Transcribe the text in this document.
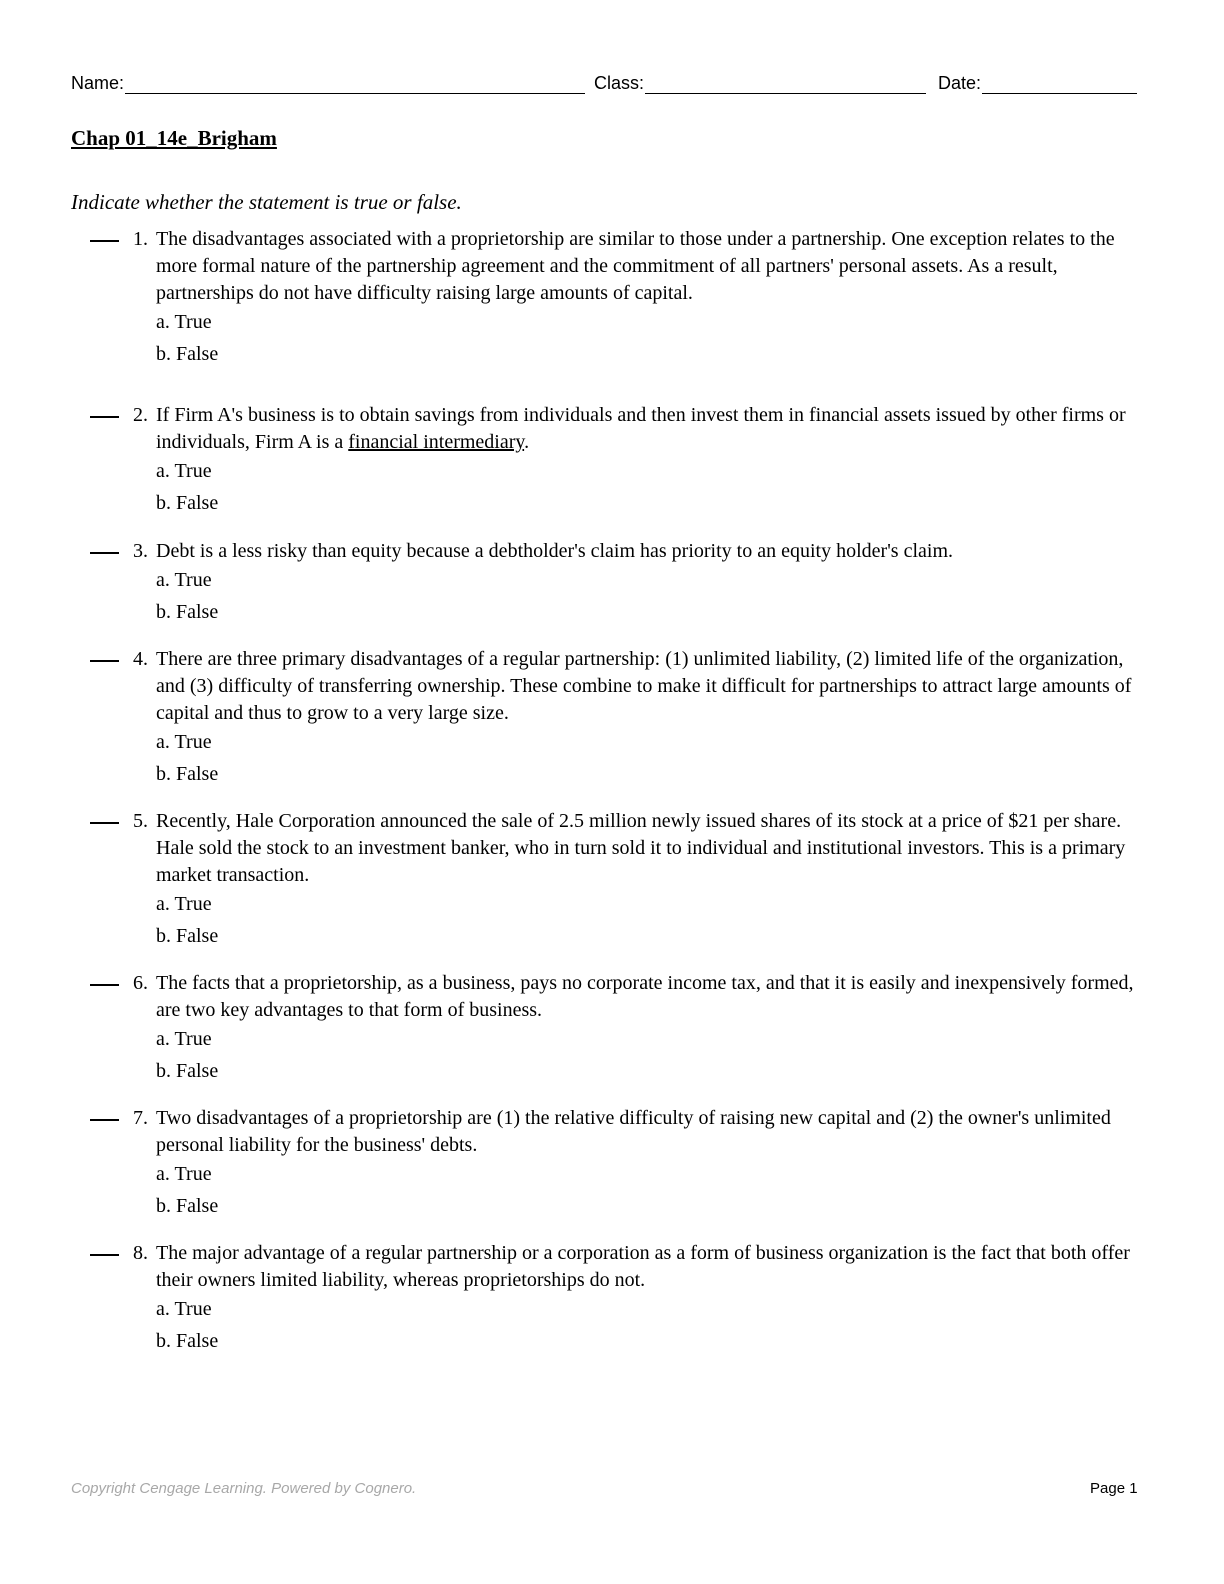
Name:	Class:	Date:
Chap 01_14e_Brigham
Indicate whether the statement is true or false.
1. The disadvantages associated with a proprietorship are similar to those under a partnership. One exception relates to the more formal nature of the partnership agreement and the commitment of all partners' personal assets. As a result, partnerships do not have difficulty raising large amounts of capital.
a. True
b. False
2. If Firm A's business is to obtain savings from individuals and then invest them in financial assets issued by other firms or individuals, Firm A is a financial intermediary.
a. True
b. False
3. Debt is a less risky than equity because a debtholder's claim has priority to an equity holder's claim.
a. True
b. False
4. There are three primary disadvantages of a regular partnership: (1) unlimited liability, (2) limited life of the organization, and (3) difficulty of transferring ownership. These combine to make it difficult for partnerships to attract large amounts of capital and thus to grow to a very large size.
a. True
b. False
5. Recently, Hale Corporation announced the sale of 2.5 million newly issued shares of its stock at a price of $21 per share. Hale sold the stock to an investment banker, who in turn sold it to individual and institutional investors. This is a primary market transaction.
a. True
b. False
6. The facts that a proprietorship, as a business, pays no corporate income tax, and that it is easily and inexpensively formed, are two key advantages to that form of business.
a. True
b. False
7. Two disadvantages of a proprietorship are (1) the relative difficulty of raising new capital and (2) the owner's unlimited personal liability for the business' debts.
a. True
b. False
8. The major advantage of a regular partnership or a corporation as a form of business organization is the fact that both offer their owners limited liability, whereas proprietorships do not.
a. True
b. False
Copyright Cengage Learning. Powered by Cognero.	Page 1
